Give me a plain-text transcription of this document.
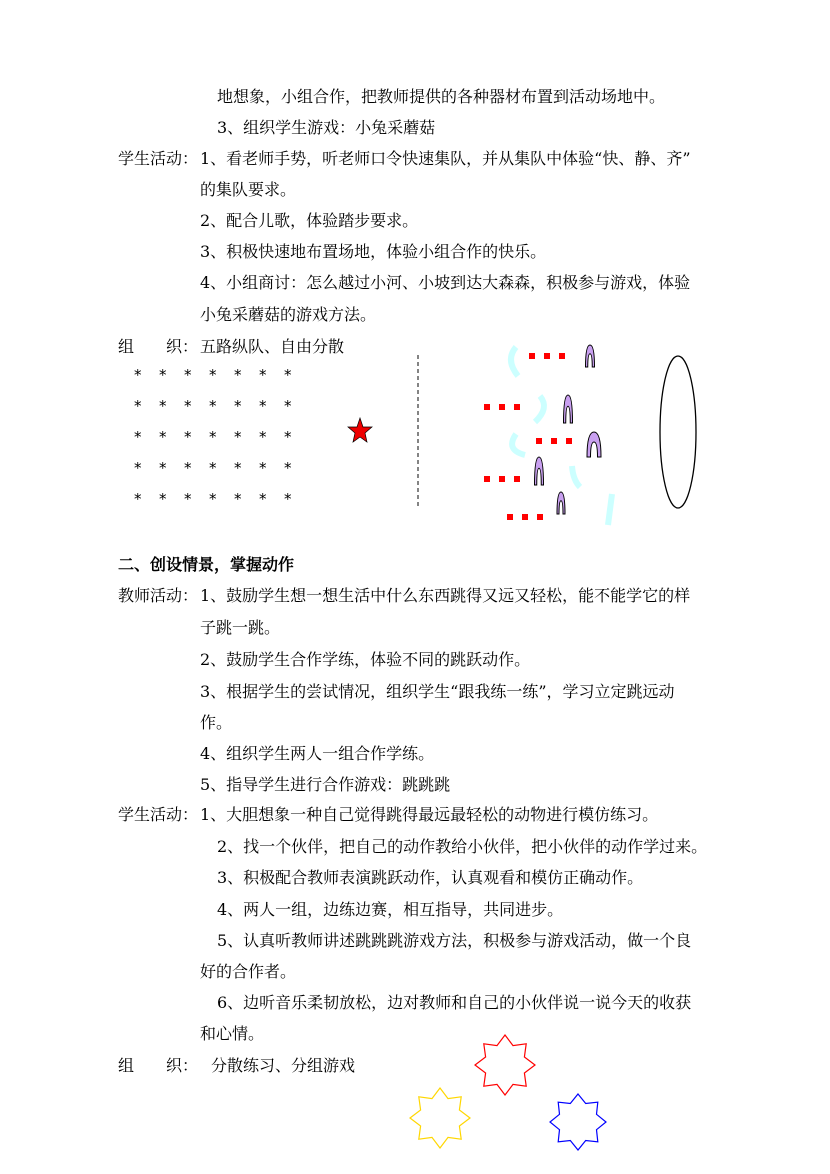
地想象，小组合作，把教师提供的各种器材布置到活动场地中。
3、组织学生游戏：小兔采蘑菇
学生活动： 1、看老师手势，听老师口令快速集队，并从集队中体验“快、静、齐”
的集队要求。
2、配合儿歌，体验踏步要求。
3、积极快速地布置场地，体验小组合作的快乐。
4、小组商讨：怎么越过小河、小坡到达大森森，积极参与游戏，体验
小兔采蘑菇的游戏方法。
组　　织： 五路纵队、自由分散
* * * * * * *
* * * * * * *
* * * * * * *
* * * * * * *
* * * * * * *
二、创设情景，掌握动作
教师活动： 1、鼓励学生想一想生活中什么东西跳得又远又轻松，能不能学它的样
子跳一跳。
2、鼓励学生合作学练，体验不同的跳跃动作。
3、根据学生的尝试情况，组织学生“跟我练一练”，学习立定跳远动
作。
4、组织学生两人一组合作学练。
5、指导学生进行合作游戏：跳跳跳
学生活动： 1、大胆想象一种自己觉得跳得最远最轻松的动物进行模仿练习。
2、找一个伙伴，把自己的动作教给小伙伴，把小伙伴的动作学过来。
3、积极配合教师表演跳跃动作，认真观看和模仿正确动作。
4、两人一组，边练边赛，相互指导，共同进步。
5、认真听教师讲述跳跳跳游戏方法，积极参与游戏活动，做一个良
好的合作者。
6、边听音乐柔韧放松，边对教师和自己的小伙伴说一说今天的收获
和心情。
组　　织： 分散练习、分组游戏
